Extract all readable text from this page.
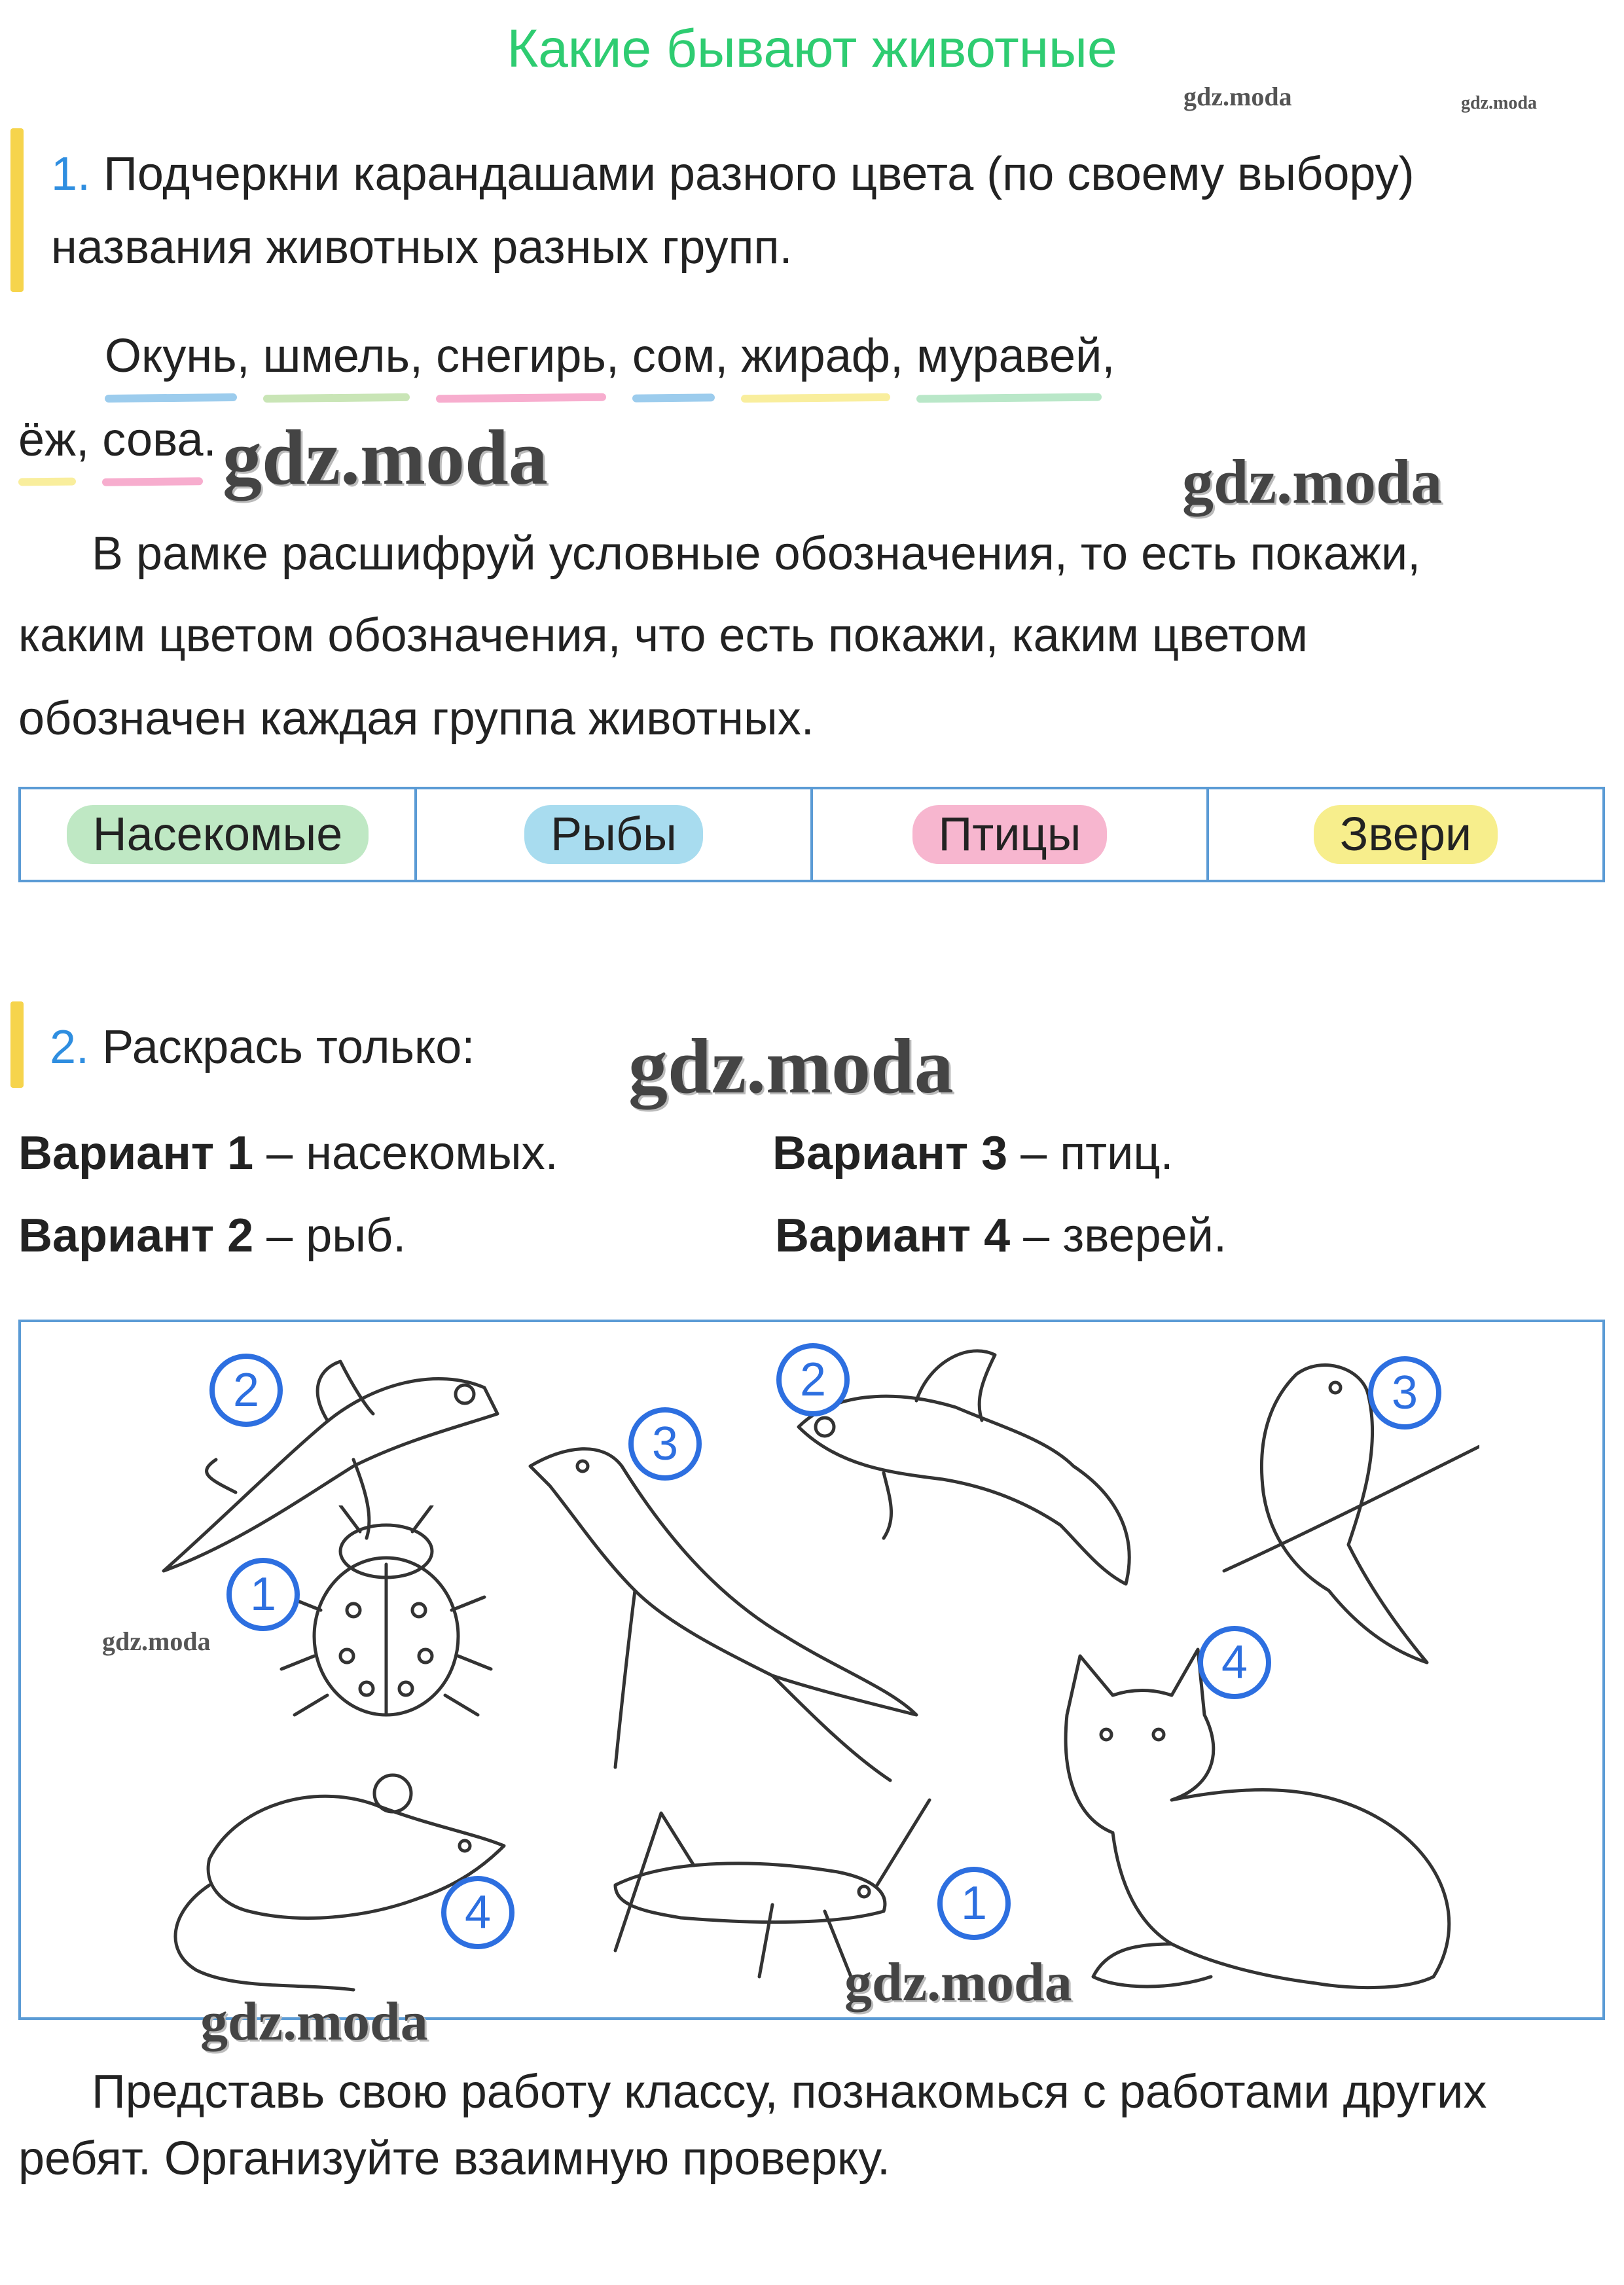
Какие бывают животные
gdz.moda	gdz.moda
gdz.moda	gdz.moda
gdz.moda
1. Подчеркни карандашами разного цвета (по своему выбору)
названия животных разных групп.
Окунь, шмель, снегирь, сом, жираф, муравей,
ёж, сова.
В рамке расшифруй условные обозначения, то есть покажи,
каким цветом обозначения, что есть покажи, каким цветом
обозначен каждая группа животных.
Насекомые	Рыбы	Птицы	Звери
2. Раскрась только:
Вариант 1 – насекомых.
Вариант 2 – рыб.
Вариант 3 – птиц.
Вариант 4 – зверей.
2
1
3
2	3
4
4	1
gdz.moda
gdz.moda
gdz.moda
Представь свою работу классу, познакомься с работами других
ребят. Организуйте взаимную проверку.
